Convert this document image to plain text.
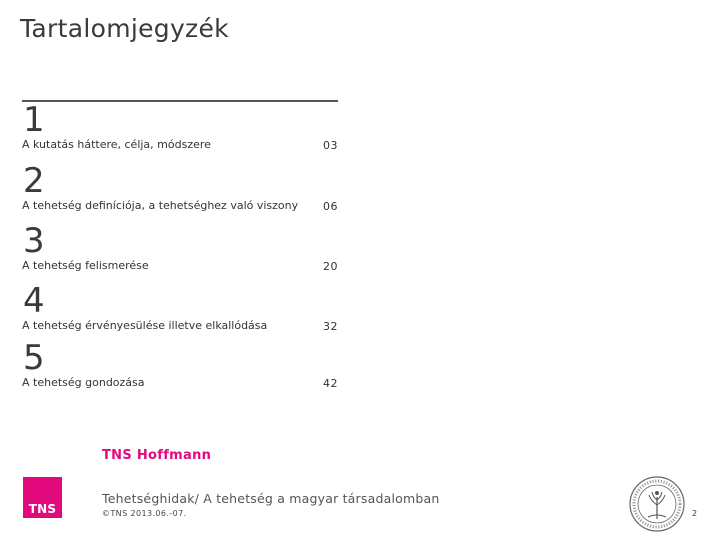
Tartalomjegyzék
1
A kutatás háttere, célja, módszere	03
2
A tehetség definíciója, a tehetséghez való viszony 06
3
A tehetség felismerése	20
4
A tehetség érvényesülése illetve elkallódása	32
5
A tehetség gondozása	42
TNS
TNS Hoffmann
Tehetséghidak/ A tehetség a magyar társadalomban
©TNS 2013.06.-07.	2
